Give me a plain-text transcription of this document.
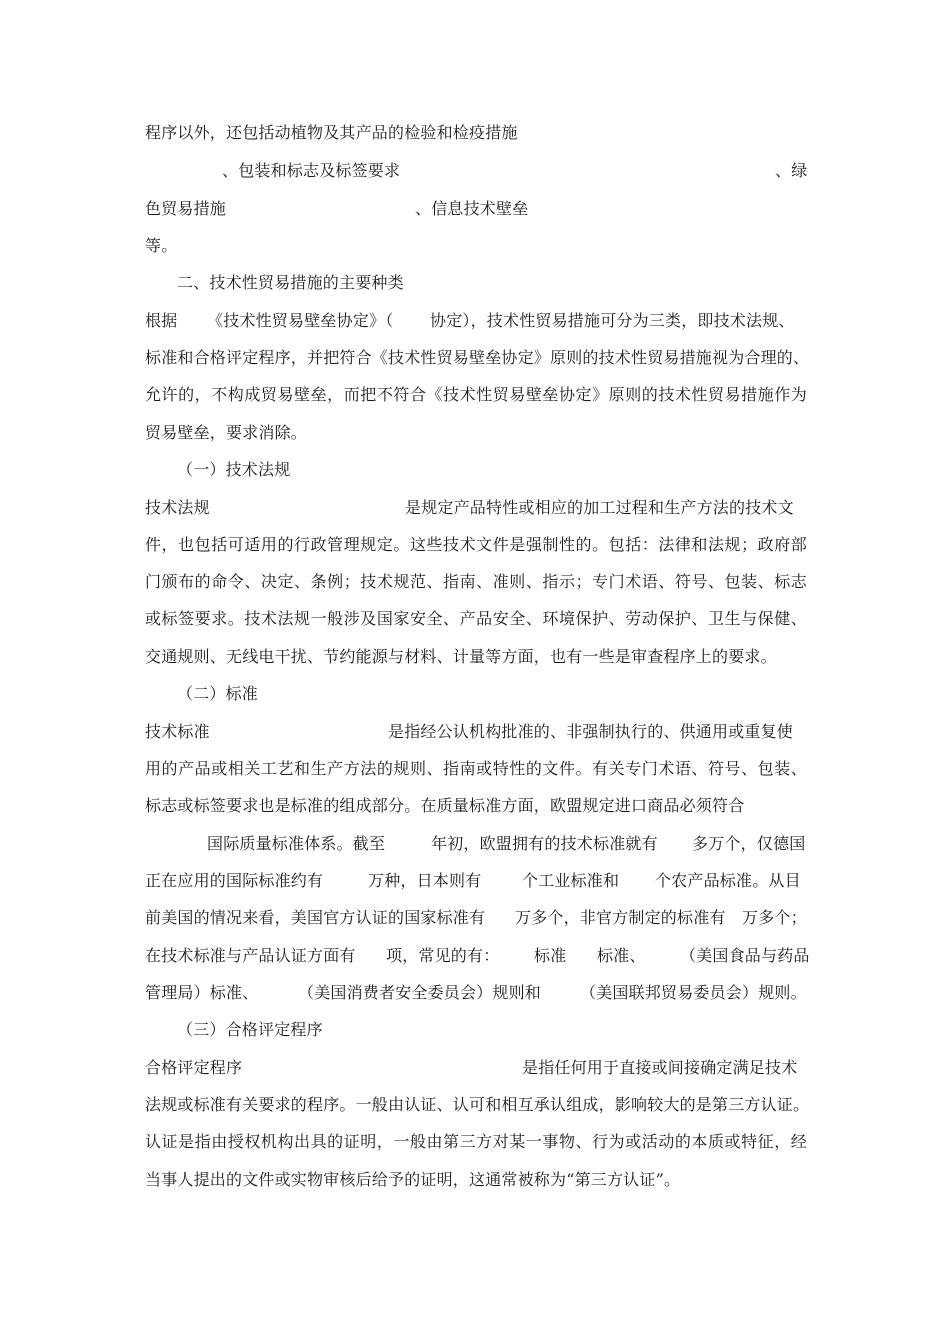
程序以外，还包括动植物及其产品的检验和检疫措施
、包装和标志及标签要求	、绿
色贸易措施	、信息技术壁垒
等。
二、技术性贸易措施的主要种类
根据 《技术性贸易壁垒协定》（ 协定），技术性贸易措施可分为三类，即技术法规、
标准和合格评定程序，并把符合《技术性贸易壁垒协定》原则的技术性贸易措施视为合理的、
允许的，不构成贸易壁垒，而把不符合《技术性贸易壁垒协定》原则的技术性贸易措施作为
贸易壁垒，要求消除。
（一）技术法规
技术法规	是规定产品特性或相应的加工过程和生产方法的技术文
件，也包括可适用的行政管理规定。这些技术文件是强制性的。包括：法律和法规；政府部
门颁布的命令、决定、条例；技术规范、指南、准则、指示；专门术语、符号、包装、标志
或标签要求。技术法规一般涉及国家安全、产品安全、环境保护、劳动保护、卫生与保健、
交通规则、无线电干扰、节约能源与材料、计量等方面，也有一些是审查程序上的要求。
（二）标准
技术标准	是指经公认机构批准的、非强制执行的、供通用或重复使
用的产品或相关工艺和生产方法的规则、指南或特性的文件。有关专门术语、符号、包装、
标志或标签要求也是标准的组成部分。在质量标准方面，欧盟规定进口商品必须符合
国际质量标准体系。截至	年初，欧盟拥有的技术标准就有 多万个，仅德国
正在应用的国际标准约有	万种，日本则有	个工业标准和 个农产品标准。从目
前美国的情况来看，美国官方认证的国家标准有 万多个，非官方制定的标准有 万多个；
在技术标准与产品认证方面有 项，常见的有： 标准 标准、 （美国食品与药品
管理局）标准、 （美国消费者安全委员会）规则和 （美国联邦贸易委员会）规则。
（三）合格评定程序
合格评定程序	是指任何用于直接或间接确定满足技术
法规或标准有关要求的程序。一般由认证、认可和相互承认组成，影响较大的是第三方认证。
认证是指由授权机构出具的证明，一般由第三方对某一事物、行为或活动的本质或特征，经
当事人提出的文件或实物审核后给予的证明，这通常被称为“第三方认证”。
